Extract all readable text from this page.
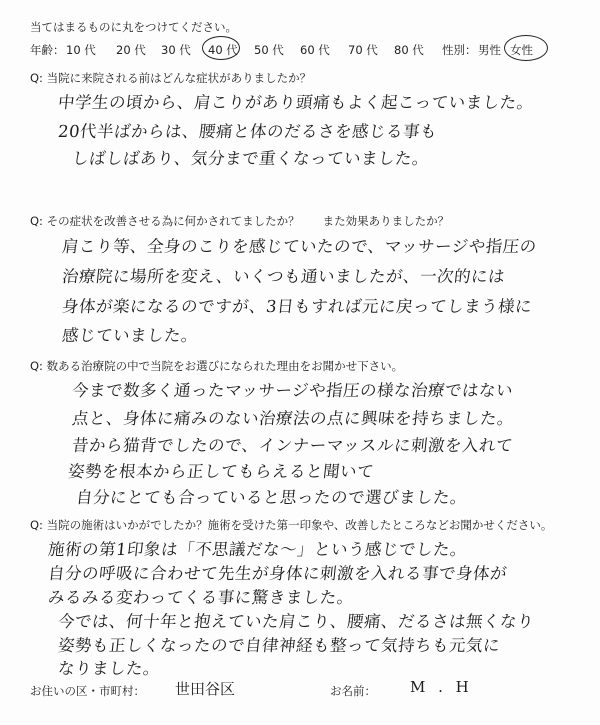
当てはまるものに丸をつけてください。
年齢： 10 代 20 代 30 代 40 代 50 代 60 代 70 代 80 代 性別： 男性 女性
Q: 当院に来院される前はどんな症状がありましたか？
中学生の頃から、肩こりがあり頭痛もよく起こっていました。
20代半ばからは、腰痛と体のだるさを感じる事も
しばしばあり、気分まで重くなっていました。
Q: その症状を改善させる為に何かされてましたか？　　また効果ありましたか？
肩こり等、全身のこりを感じていたので、マッサージや指圧の
治療院に場所を変え、いくつも通いましたが、一次的には
身体が楽になるのですが、3日もすれば元に戻ってしまう様に
感じていました。
Q: 数ある治療院の中で当院をお選びになられた理由をお聞かせ下さい。
今まで数多く通ったマッサージや指圧の様な治療ではない
点と、身体に痛みのない治療法の点に興味を持ちました。
昔から猫背でしたので、インナーマッスルに刺激を入れて
姿勢を根本から正してもらえると聞いて
自分にとても合っていると思ったので選びました。
Q: 当院の施術はいかがでしたか？施術を受けた第一印象や、改善したところなどお聞かせください。
施術の第1印象は「不思議だな〜」という感じでした。
自分の呼吸に合わせて先生が身体に刺激を入れる事で身体が
みるみる変わってくる事に驚きました。
今では、何十年と抱えていた肩こり、腰痛、だるさは無くなり
姿勢も正しくなったので自律神経も整って気持ちも元気に
なりました。
お住いの区・市町村： 世田谷区	お名前： M . H
